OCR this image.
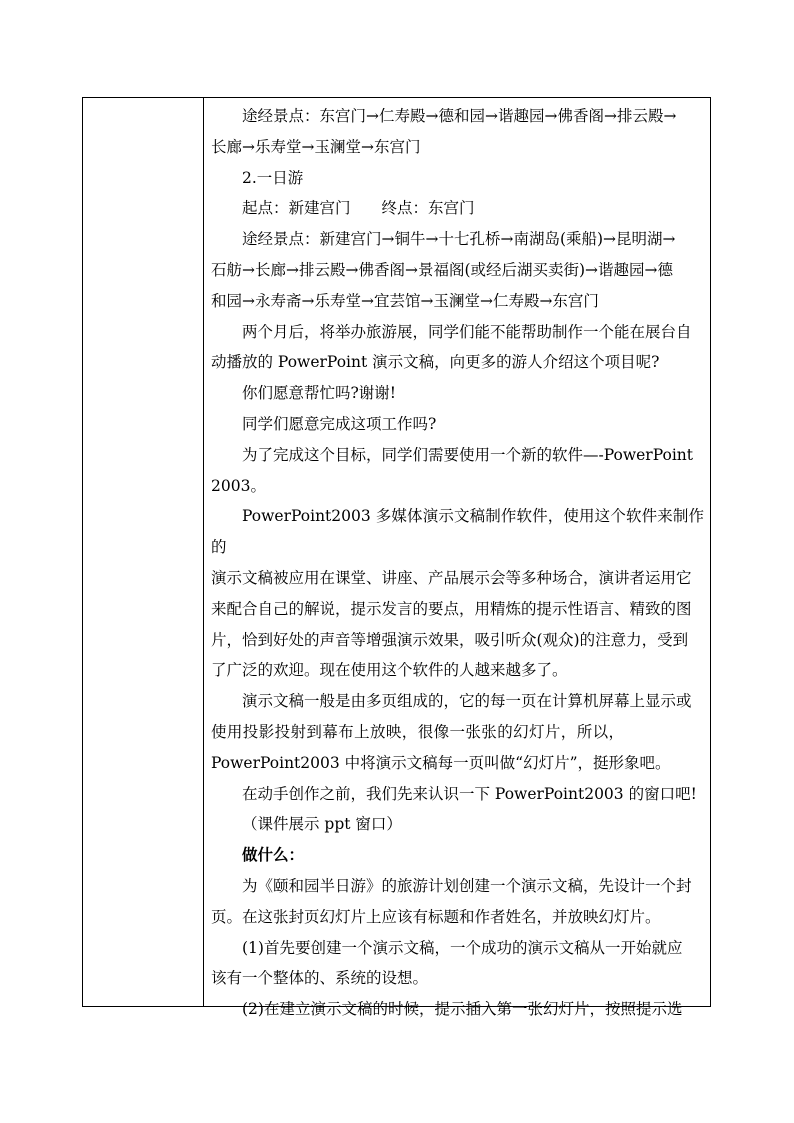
途经景点：东宫门→仁寿殿→德和园→谐趣园→佛香阁→排云殿→

长廊→乐寿堂→玉澜堂→东宫门

2.一日游

起点：新建宫门　　终点：东宫门

途经景点：新建宫门→铜牛→十七孔桥→南湖岛(乘船)→昆明湖→

石舫→长廊→排云殿→佛香阁→景福阁(或经后湖买卖街)→谐趣园→德

和园→永寿斋→乐寿堂→宜芸馆→玉澜堂→仁寿殿→东宫门

两个月后，将举办旅游展，同学们能不能帮助制作一个能在展台自

动播放的 PowerPoint 演示文稿，向更多的游人介绍这个项目呢?

你们愿意帮忙吗?谢谢!

同学们愿意完成这项工作吗?

为了完成这个目标，同学们需要使用一个新的软件—-PowerPoint

2003。

PowerPoint2003 多媒体演示文稿制作软件，使用这个软件来制作的

演示文稿被应用在课堂、讲座、产品展示会等多种场合，演讲者运用它

来配合自己的解说，提示发言的要点，用精炼的提示性语言、精致的图

片，恰到好处的声音等增强演示效果，吸引听众(观众)的注意力，受到

了广泛的欢迎。现在使用这个软件的人越来越多了。

演示文稿一般是由多页组成的，它的每一页在计算机屏幕上显示或

使用投影投射到幕布上放映，很像一张张的幻灯片，所以，

PowerPoint2003 中将演示文稿每一页叫做“幻灯片”，挺形象吧。

在动手创作之前，我们先来认识一下 PowerPoint2003 的窗口吧!

（课件展示 ppt 窗口）

做什么：

为《颐和园半日游》的旅游计划创建一个演示文稿，先设计一个封

页。在这张封页幻灯片上应该有标题和作者姓名，并放映幻灯片。

(1)首先要创建一个演示文稿，一个成功的演示文稿从一开始就应

该有一个整体的、系统的设想。

(2)在建立演示文稿的时候，提示插入第一张幻灯片，按照提示选
